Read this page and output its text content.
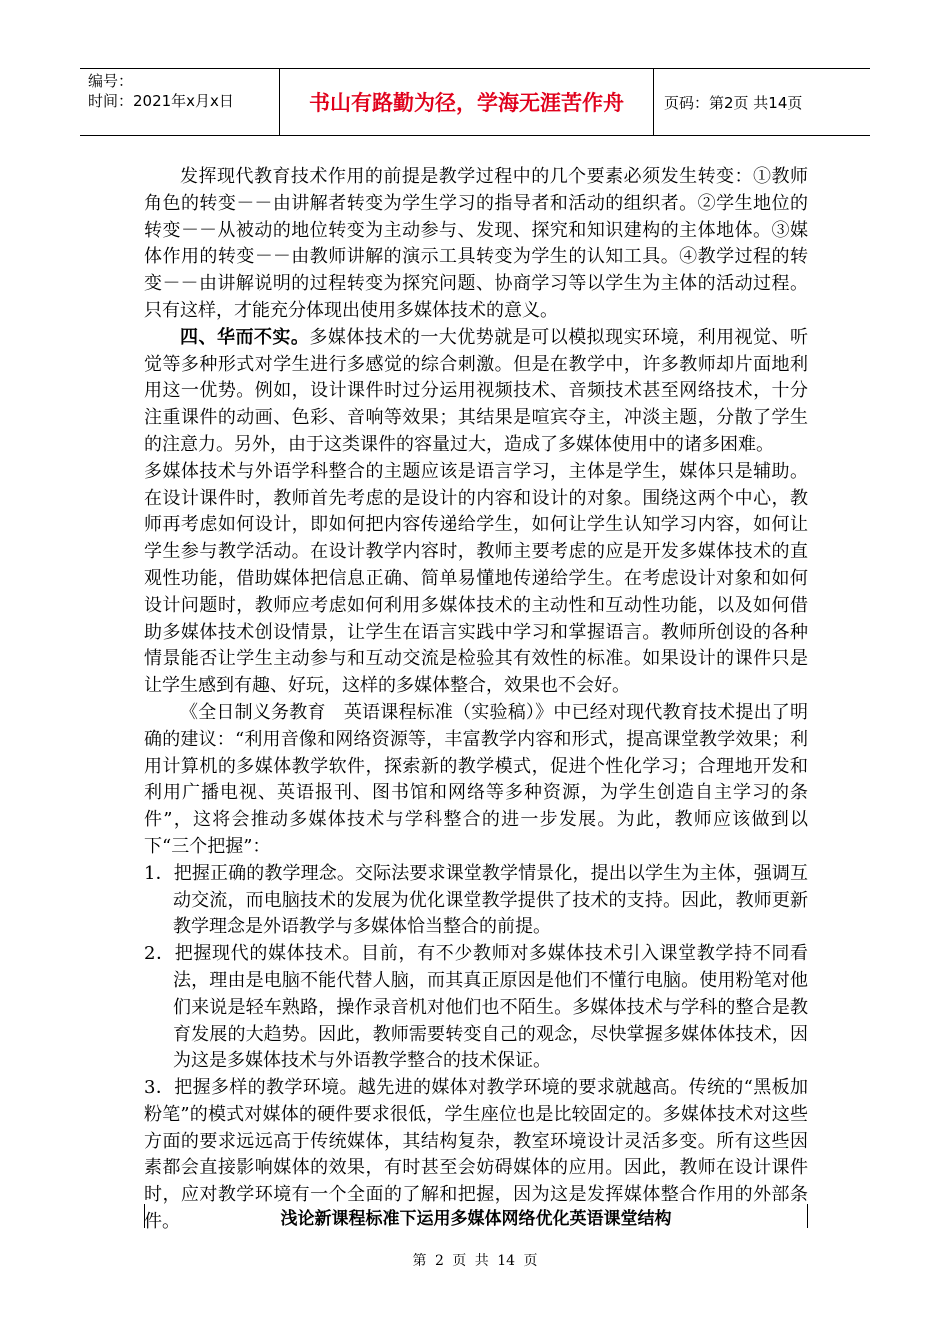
编号：
时间：2021年x月x日	书山有路勤为径，学海无涯苦作舟	页码：第2页 共14页

发挥现代教育技术作用的前提是教学过程中的几个要素必须发生转变：①教师角色的转变－－由讲解者转变为学生学习的指导者和活动的组织者。②学生地位的转变－－从被动的地位转变为主动参与、发现、探究和知识建构的主体地体。③媒体作用的转变－－由教师讲解的演示工具转变为学生的认知工具。④教学过程的转变－－由讲解说明的过程转变为探究问题、协商学习等以学生为主体的活动过程。只有这样，才能充分体现出使用多媒体技术的意义。

四、华而不实。多媒体技术的一大优势就是可以模拟现实环境，利用视觉、听觉等多种形式对学生进行多感觉的综合刺激。但是在教学中，许多教师却片面地利用这一优势。例如，设计课件时过分运用视频技术、音频技术甚至网络技术，十分注重课件的动画、色彩、音响等效果；其结果是喧宾夺主，冲淡主题，分散了学生的注意力。另外，由于这类课件的容量过大，造成了多媒体使用中的诸多困难。

多媒体技术与外语学科整合的主题应该是语言学习，主体是学生，媒体只是辅助。在设计课件时，教师首先考虑的是设计的内容和设计的对象。围绕这两个中心，教师再考虑如何设计，即如何把内容传递给学生，如何让学生认知学习内容，如何让学生参与教学活动。在设计教学内容时，教师主要考虑的应是开发多媒体技术的直观性功能，借助媒体把信息正确、简单易懂地传递给学生。在考虑设计对象和如何设计问题时，教师应考虑如何利用多媒体技术的主动性和互动性功能，以及如何借助多媒体技术创设情景，让学生在语言实践中学习和掌握语言。教师所创设的各种情景能否让学生主动参与和互动交流是检验其有效性的标准。如果设计的课件只是让学生感到有趣、好玩，这样的多媒体整合，效果也不会好。

《全日制义务教育　英语课程标准（实验稿）》中已经对现代教育技术提出了明确的建议：“利用音像和网络资源等，丰富教学内容和形式，提高课堂教学效果；利用计算机的多媒体教学软件，探索新的教学模式，促进个性化学习；合理地开发和利用广播电视、英语报刊、图书馆和网络等多种资源，为学生创造自主学习的条件”，这将会推动多媒体技术与学科整合的进一步发展。为此，教师应该做到以下“三个把握”：

1．把握正确的教学理念。交际法要求课堂教学情景化，提出以学生为主体，强调互动交流，而电脑技术的发展为优化课堂教学提供了技术的支持。因此，教师更新教学理念是外语教学与多媒体恰当整合的前提。

2．把握现代的媒体技术。目前，有不少教师对多媒体技术引入课堂教学持不同看法，理由是电脑不能代替人脑，而其真正原因是他们不懂行电脑。使用粉笔对他们来说是轻车熟路，操作录音机对他们也不陌生。多媒体技术与学科的整合是教育发展的大趋势。因此，教师需要转变自己的观念，尽快掌握多媒体体技术，因为这是多媒体技术与外语教学整合的技术保证。

3．把握多样的教学环境。越先进的媒体对教学环境的要求就越高。传统的“黑板加粉笔”的模式对媒体的硬件要求很低，学生座位也是比较固定的。多媒体技术对这些方面的要求远远高于传统媒体，其结构复杂，教室环境设计灵活多变。所有这些因素都会直接影响媒体的效果，有时甚至会妨碍媒体的应用。因此，教师在设计课件时，应对教学环境有一个全面的了解和把握，因为这是发挥媒体整合作用的外部条件。	浅论新课程标准下运用多媒体网络优化英语课堂结构
第 2 页 共 14 页
